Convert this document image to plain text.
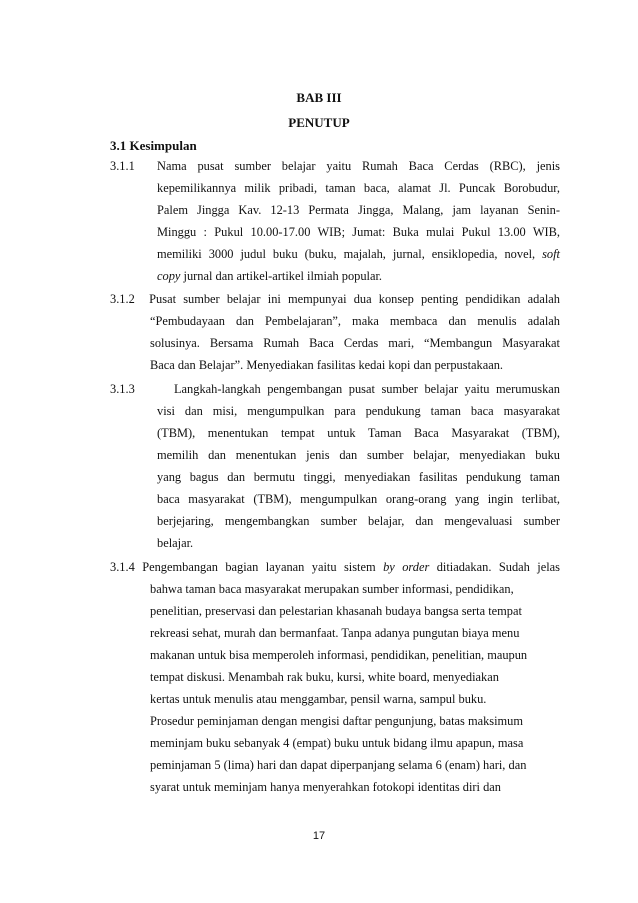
BAB III
PENUTUP
3.1 Kesimpulan
3.1.1 Nama pusat sumber belajar yaitu Rumah Baca Cerdas (RBC), jenis

kepemilikannya milik pribadi, taman baca, alamat Jl. Puncak Borobudur,

Palem Jingga Kav. 12-13 Permata Jingga, Malang, jam layanan Senin-

Minggu : Pukul 10.00-17.00 WIB; Jumat: Buka mulai Pukul 13.00 WIB,

memiliki 3000 judul buku (buku, majalah, jurnal, ensiklopedia, novel, soft

copy jurnal dan artikel-artikel ilmiah popular.

3.1.2 Pusat sumber belajar ini mempunyai dua konsep penting pendidikan adalah

“Pembudayaan dan Pembelajaran”, maka membaca dan menulis adalah

solusinya. Bersama Rumah Baca Cerdas mari, “Membangun Masyarakat

Baca dan Belajar”. Menyediakan fasilitas kedai kopi dan perpustakaan.

3.1.3	Langkah-langkah pengembangan pusat sumber belajar yaitu merumuskan

visi dan misi, mengumpulkan para pendukung taman baca masyarakat

(TBM), menentukan tempat untuk Taman Baca Masyarakat (TBM),

memilih dan menentukan jenis dan sumber belajar, menyediakan buku

yang bagus dan bermutu tinggi, menyediakan fasilitas pendukung taman

baca masyarakat (TBM), mengumpulkan orang-orang yang ingin terlibat,

berjejaring, mengembangkan sumber belajar, dan mengevaluasi sumber

belajar.

3.1.4 Pengembangan bagian layanan yaitu sistem by order ditiadakan. Sudah jelas

bahwa taman baca masyarakat merupakan sumber informasi, pendidikan,

penelitian, preservasi dan pelestarian khasanah budaya bangsa serta tempat

rekreasi sehat, murah dan bermanfaat. Tanpa adanya pungutan biaya menu

makanan untuk bisa memperoleh informasi, pendidikan, penelitian, maupun

tempat diskusi. Menambah rak buku, kursi, white board, menyediakan

kertas untuk menulis atau menggambar, pensil warna, sampul buku.

Prosedur peminjaman dengan mengisi daftar pengunjung, batas maksimum

meminjam buku sebanyak 4 (empat) buku untuk bidang ilmu apapun, masa

peminjaman 5 (lima) hari dan dapat diperpanjang selama 6 (enam) hari, dan

syarat untuk meminjam hanya menyerahkan fotokopi identitas diri dan

17
